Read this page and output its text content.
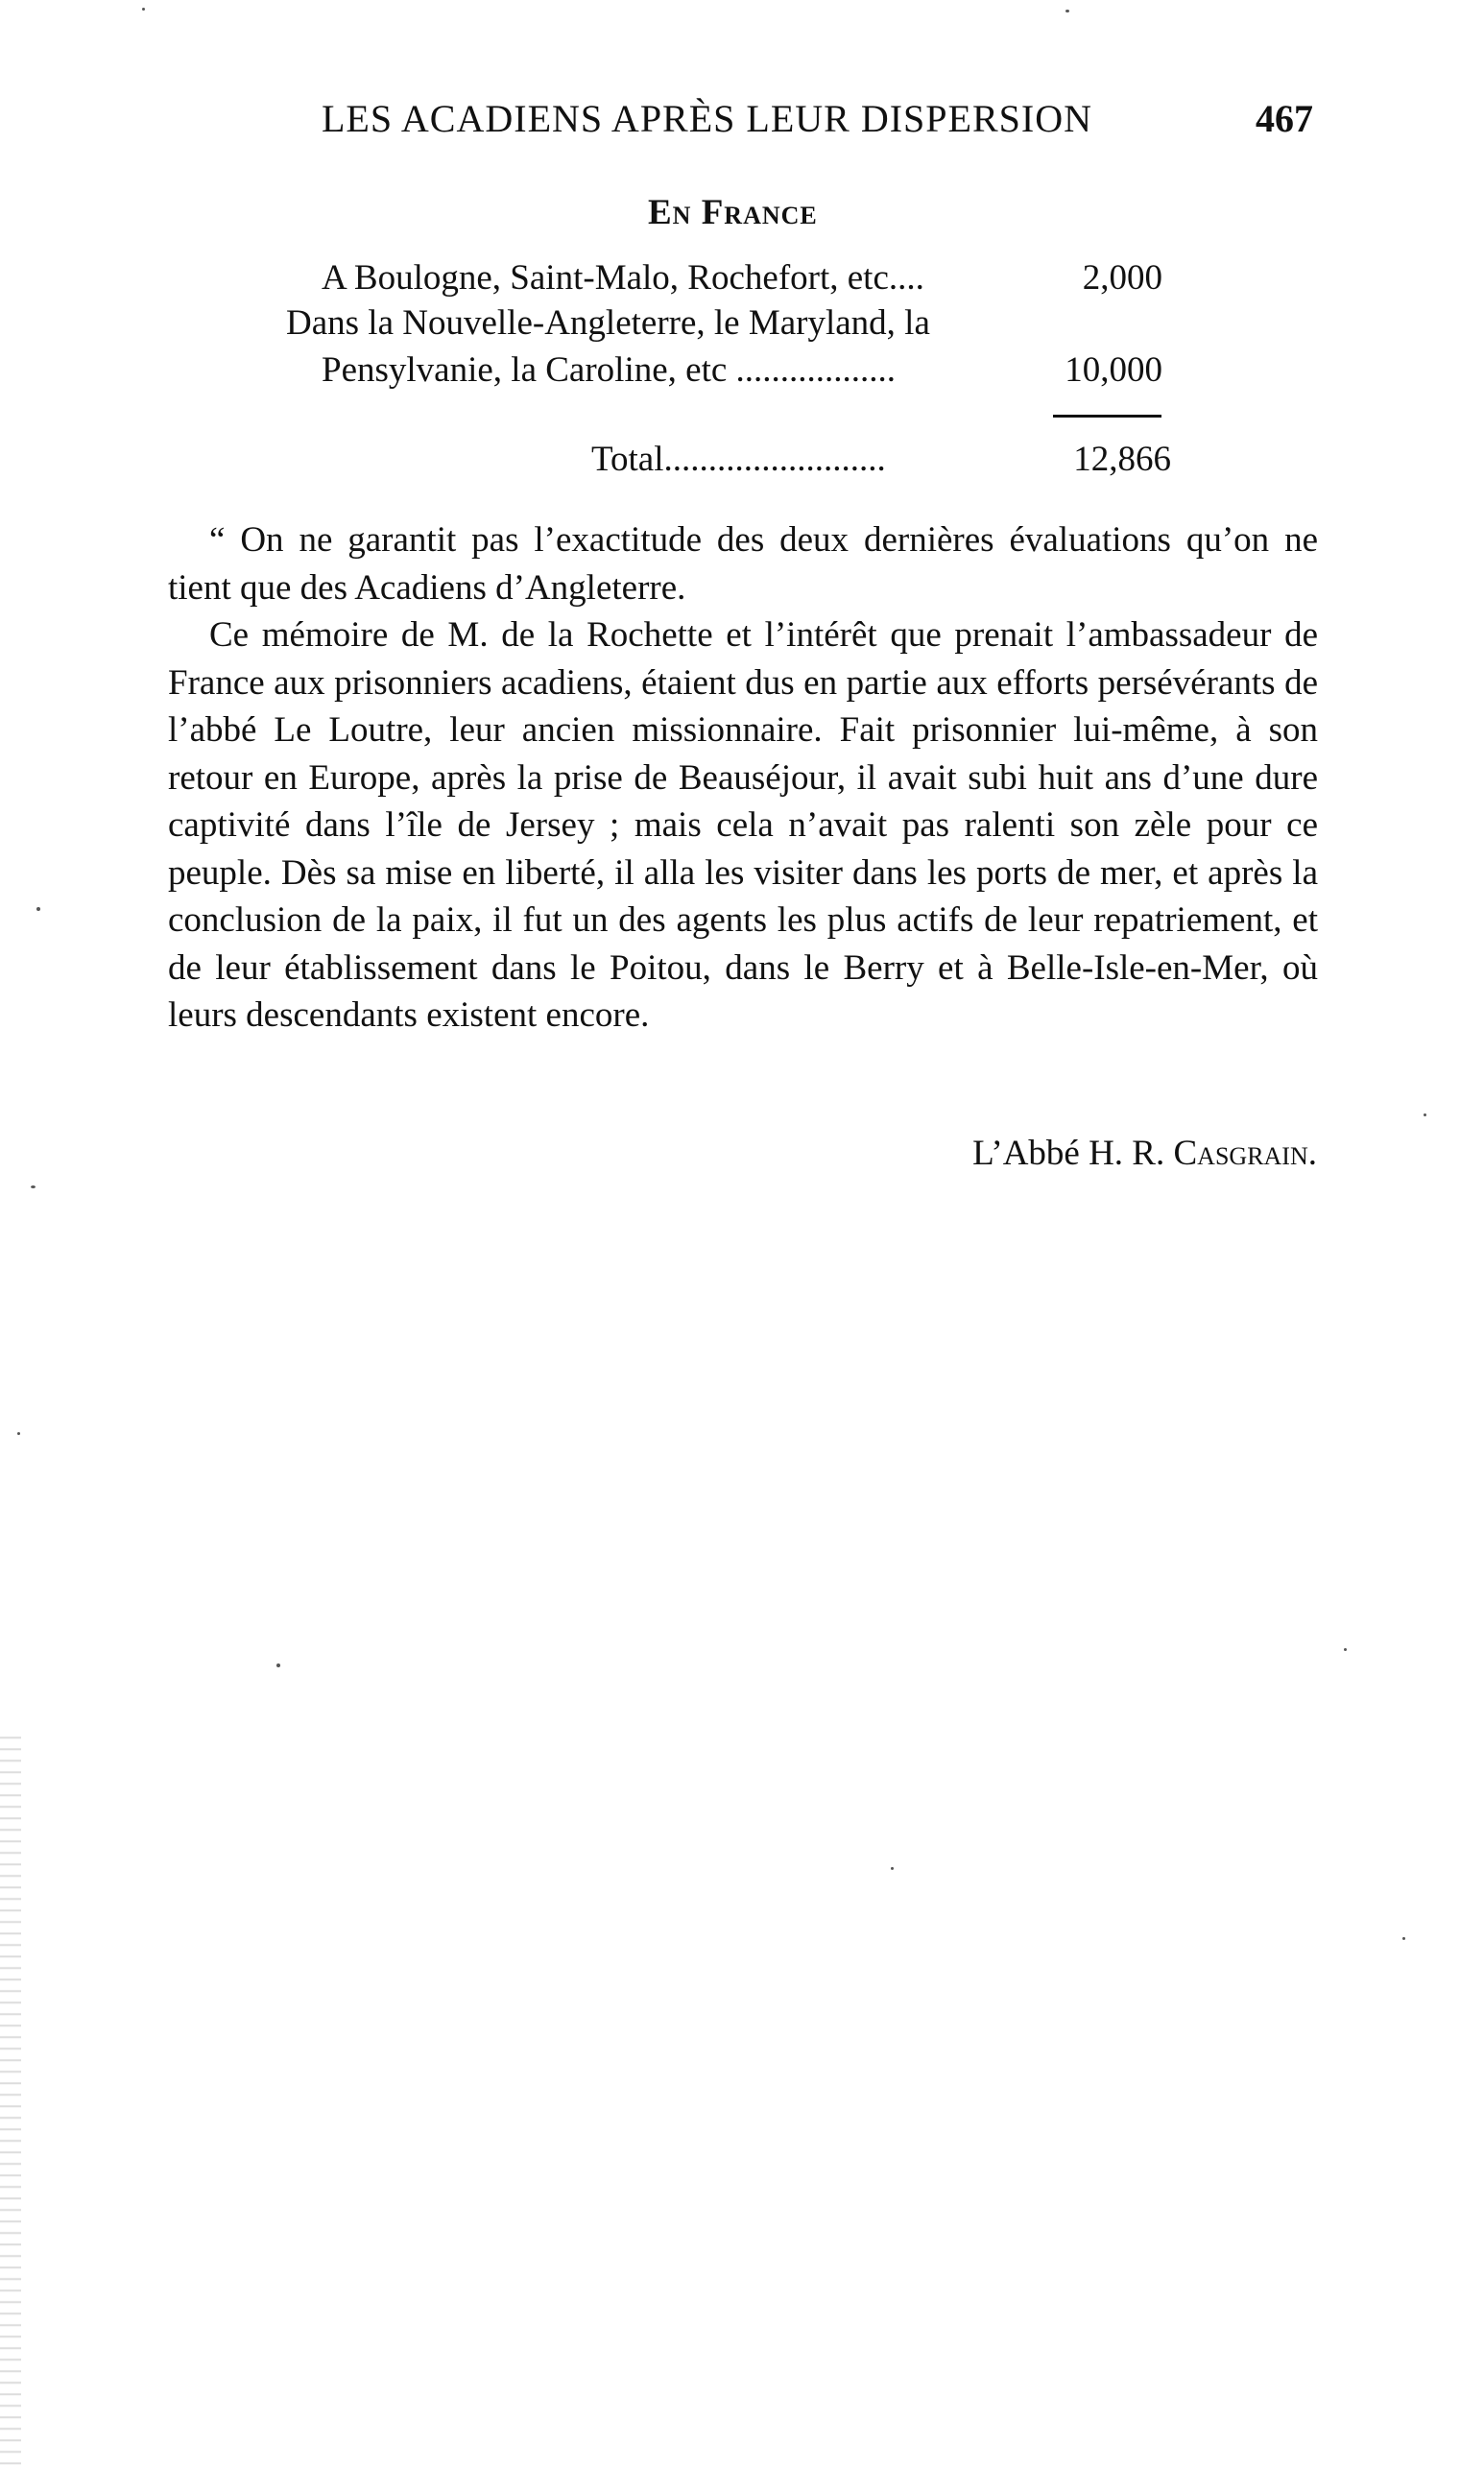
LES ACADIENS APRÈS LEUR DISPERSION	467
En France
A Boulogne, Saint-Malo, Rochefort, etc....	2,000
Dans la Nouvelle-Angleterre, le Maryland, la
Pensylvanie, la Caroline, etc ..................	10,000
Total.........................	12,866
“ On ne garantit pas l’exactitude des deux dernières évaluations qu’on ne tient que des Acadiens d’Angleterre.
Ce mémoire de M. de la Rochette et l’intérêt que prenait l’ambassadeur de France aux prisonniers acadiens, étaient dus en partie aux efforts persévérants de l’abbé Le Loutre, leur ancien missionnaire. Fait prisonnier lui-même, à son retour en Europe, après la prise de Beauséjour, il avait subi huit ans d’une dure captivité dans l’île de Jersey ; mais cela n’avait pas ralenti son zèle pour ce peuple. Dès sa mise en liberté, il alla les visiter dans les ports de mer, et après la conclusion de la paix, il fut un des agents les plus actifs de leur repatriement, et de leur établissement dans le Poitou, dans le Berry et à Belle-Isle-en-Mer, où leurs descendants existent encore.
L’Abbé H. R. Casgrain.
